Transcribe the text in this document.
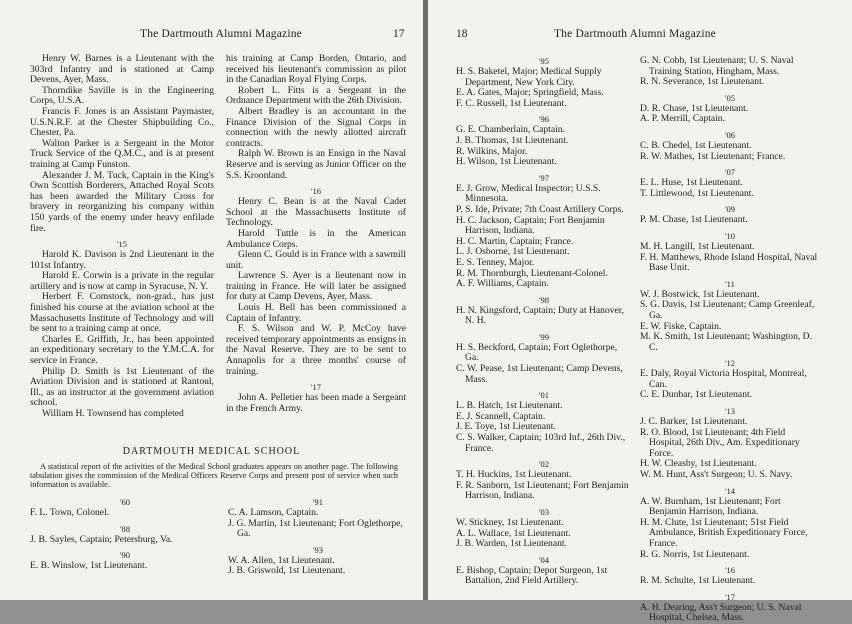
The Dartmouth Alumni Magazine	17

Henry W. Barnes is a Lieutenant with the 303rd Infantry and is stationed at Camp Devens, Ayer, Mass.

Thorndike Saville is in the Engineering Corps, U.S.A.

Francis F. Jones is an Assistant Paymaster, U.S.N.R.F. at the Chester Shipbuilding Co., Chester, Pa.

Walton Parker is a Sergeant in the Motor Truck Service of the Q.M.C., and is at present training at Camp Funston.

Alexander J. M. Tuck, Captain in the King's Own Scottish Borderers, Attached Royal Scots has been awarded the Military Cross for bravery in reorganizing his company within 150 yards of the enemy under heavy enfilade fire.

'15

Harold K. Davison is 2nd Lieutenant in the 101st Infantry.

Harold E. Corwin is a private in the regular artillery and is now at camp in Syracuse, N. Y.

Herbert F. Comstock, non-grad., has just finished his course at the aviation school at the Massachusetts Institute of Technology and will be sent to a training camp at once.

Charles E. Griffith, Jr., has been appointed an expeditionary secretary to the Y.M.C.A. for service in France.

Philip D. Smith is 1st Lieutenant of the Aviation Division and is stationed at Rantoul, Ill., as an instructor at the government aviation school.

William H. Townsend has completed

his training at Camp Borden, Ontario, and received his lieutenant's commission as pilot in the Canadian Royal Flying Corps.

Robert L. Fitts is a Sergeant in the Ordnance Department with the 26th Division.

Albert Bradley is an accountant in the Finance Division of the Signal Corps in connection with the newly allotted aircraft contracts.

Ralph W. Brown is an Ensign in the Naval Reserve and is serving as Junior Officer on the S.S. Kroonland.

'16

Henry C. Bean is at the Naval Cadet School at the Massachusetts Institute of Technology.

Harold Tuttle is in the American Ambulance Corps.

Glenn C. Gould is in France with a sawmill unit.

Lawrence S. Ayer is a lieutenant now in training in France. He will later be assigned for duty at Camp Devens, Ayer, Mass.

Louis H. Bell has been commissioned a Captain of Infantry.

F. S. Wilson and W. P. McCoy have received temporary appointments as ensigns in the Naval Reserve. They are to be sent to Annapolis for a three months' course of training.

'17

John A. Pelletier has been made a Sergeant in the French Army.

DARTMOUTH MEDICAL SCHOOL
A statistical report of the activities of the Medical School graduates appears on another page. The following tabulation gives the commission of the Medical Officers Reserve Corps and present post of service when such information is available.

'60

F. L. Town, Colonel.

'88

J. B. Sayles, Captain; Petersburg, Va.

'90

E. B. Winslow, 1st Lieutenant.

'91

C. A. Lamson, Captain.

J. G. Martin, 1st Lieutenant; Fort Oglethorpe, Ga.

'93

W. A. Allen, 1st Lieutenant.

J. B. Griswold, 1st Lieutenant.

18	The Dartmouth Alumni Magazine

'95

H. S. Baketel, Major; Medical Supply Department, New York City.

E. A. Gates, Major; Springfield, Mass.

F. C. Russell, 1st Lieutenant.

'96

G. E. Chamberlain, Captain.

J. B. Thomas, 1st Lieutenant.

R. Wilkins, Major.

H. Wilson, 1st Lieutenant.

'97

E. J. Grow, Medical Inspector; U.S.S. Minnesota.

P. S. Ide, Private; 7th Coast Artillery Corps.

H. C. Jackson, Captain; Fort Benjamin Harrison, Indiana.

H. C. Martin, Captain; France.

L. J. Osborne, 1st Lieutenant.

E. S. Tenney, Major.

R. M. Thornburgh, Lieutenant-Colonel.

A. F. Williams, Captain.

'98

H. N. Kingsford, Captain; Duty at Hanover, N. H.

'99

H. S. Beckford, Captain; Fort Oglethorpe, Ga.

C. W. Pease, 1st Lieutenant; Camp Devens, Mass.

'01

L. B. Hatch, 1st Lieutenant.

E. J. Scannell, Captain.

J. E. Toye, 1st Lieutenant.

C. S. Walker, Captain; 103rd Inf., 26th Div., France.

'02

T. H. Huckins, 1st Lieutenant.

F. R. Sanborn, 1st Lieutenant; Fort Benjamin Harrison, Indiana.

'03

W. Stickney, 1st Lieutenant.

A. L. Wallace, 1st Lieutenant.

J. B. Warden, 1st Lieutenant.

'04

E. Bishop, Captain; Depot Surgeon, 1st Battalion, 2nd Field Artillery.

G. N. Cobb, 1st Lieutenant; U. S. Naval Training Station, Hingham, Mass.

R. N. Severance, 1st Lieutenant.

'05

D. R. Chase, 1st Lieutenant.

A. P. Merrill, Captain.

'06

C. B. Chedel, 1st Lieutenant.

R. W. Mathes, 1st Lieutenant; France.

'07

E. L. Huse, 1st Lieutenant.

T. Littlewood, 1st Lieutenant.

'09

P. M. Chase, 1st Lieutenant.

'10

M. H. Langill, 1st Lieutenant.

F. H. Matthews, Rhode Island Hospital, Naval Base Unit.

'11

W. J. Bostwick, 1st Lieutenant.

S. G. Davis, 1st Lieutenant; Camp Greenleaf, Ga.

E. W. Fiske, Captain.

M. K. Smith, 1st Lieutenant; Washington, D. C.

'12

E. Daly, Royal Victoria Hospital, Montreal, Can.

C. E. Dunbar, 1st Lieutenant.

'13

J. C. Barker, 1st Lieutenant.

R. O. Blood, 1st Lieutenant; 4th Field Hospital, 26th Div., Am. Expeditionary Force.

H. W. Cleasby, 1st Lieutenant.

W. M. Hunt, Ass't Surgeon; U. S. Navy.

'14

A. W. Burnham, 1st Lieutenant; Fort Benjamin Harrison, Indiana.

H. M. Clute, 1st Lieutenant; 51st Field Ambulance, British Expeditionary Force, France.

R. G. Norris, 1st Lieutenant.

'16

R. M. Schulte, 1st Lieutenant.

'17

A. H. Dearing, Ass't Surgeon; U. S. Naval Hospital, Chelsea, Mass.
